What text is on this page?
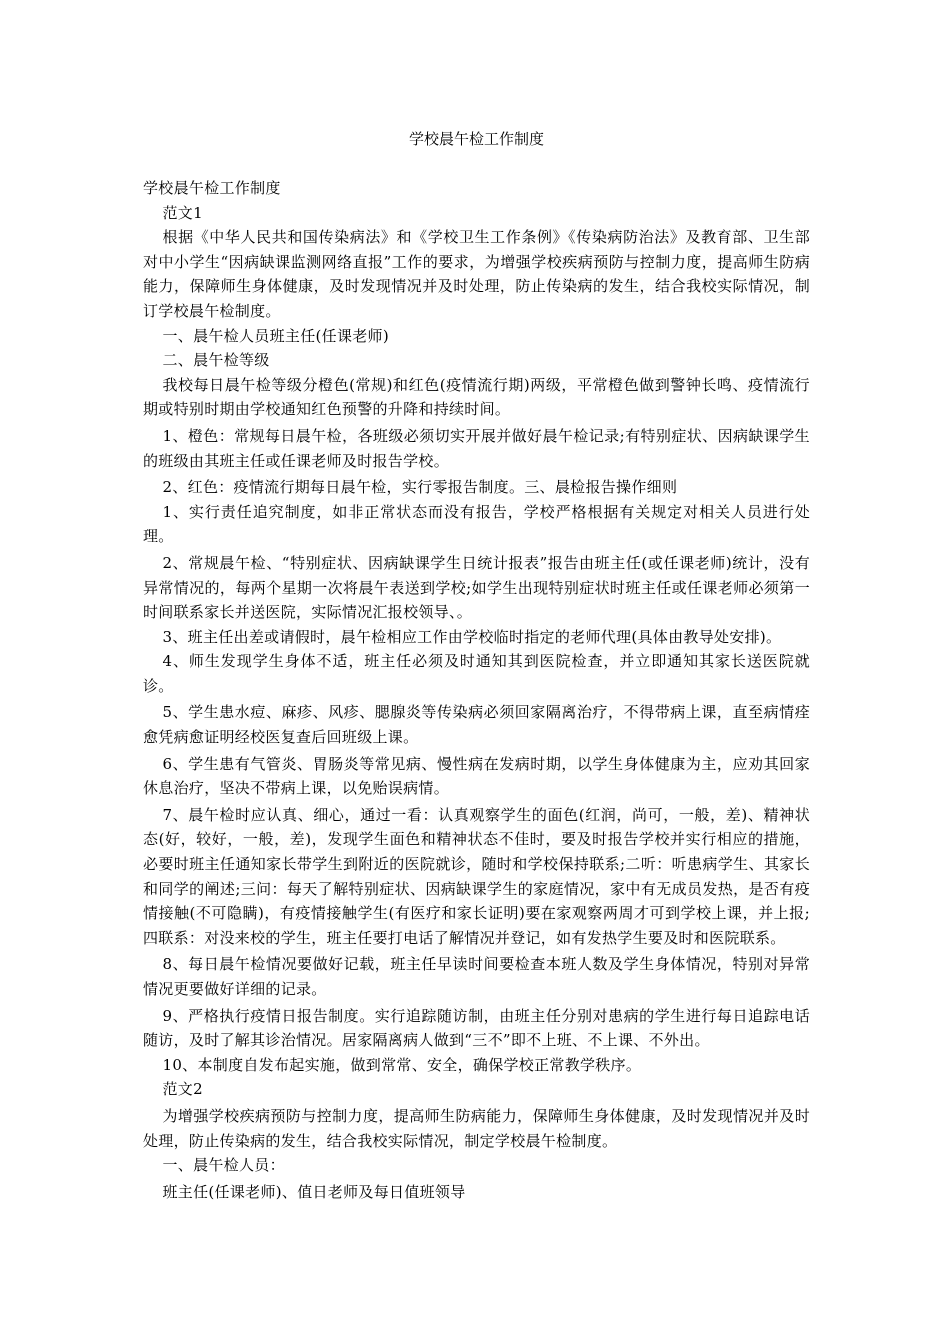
学校晨午检工作制度

学校晨午检工作制度

范文1

根据《中华人民共和国传染病法》和《学校卫生工作条例》《传染病防治法》及教育部、卫生部对中小学生“因病缺课监测网络直报”工作的要求，为增强学校疾病预防与控制力度，提高师生防病能力，保障师生身体健康，及时发现情况并及时处理，防止传染病的发生，结合我校实际情况，制订学校晨午检制度。

一、晨午检人员班主任(任课老师)

二、晨午检等级

我校每日晨午检等级分橙色(常规)和红色(疫情流行期)两级，平常橙色做到警钟长鸣、疫情流行期或特别时期由学校通知红色预警的升降和持续时间。

1、橙色：常规每日晨午检，各班级必须切实开展并做好晨午检记录;有特别症状、因病缺课学生的班级由其班主任或任课老师及时报告学校。

2、红色：疫情流行期每日晨午检，实行零报告制度。三、晨检报告操作细则

1、实行责任追究制度，如非正常状态而没有报告，学校严格根据有关规定对相关人员进行处理。

2、常规晨午检、“特别症状、因病缺课学生日统计报表”报告由班主任(或任课老师)统计，没有异常情况的，每两个星期一次将晨午表送到学校;如学生出现特别症状时班主任或任课老师必须第一时间联系家长并送医院，实际情况汇报校领导、。

3、班主任出差或请假时，晨午检相应工作由学校临时指定的老师代理(具体由教导处安排)。

4、师生发现学生身体不适，班主任必须及时通知其到医院检查，并立即通知其家长送医院就诊。

5、学生患水痘、麻疹、风疹、腮腺炎等传染病必须回家隔离治疗，不得带病上课，直至病情痊愈凭病愈证明经校医复查后回班级上课。

6、学生患有气管炎、胃肠炎等常见病、慢性病在发病时期，以学生身体健康为主，应劝其回家休息治疗，坚决不带病上课，以免贻误病情。

7、晨午检时应认真、细心，通过一看：认真观察学生的面色(红润，尚可，一般，差)、精神状态(好，较好，一般，差)，发现学生面色和精神状态不佳时，要及时报告学校并实行相应的措施，必要时班主任通知家长带学生到附近的医院就诊，随时和学校保持联系;二听：听患病学生、其家长和同学的阐述;三问：每天了解特别症状、因病缺课学生的家庭情况，家中有无成员发热，是否有疫情接触(不可隐瞒)，有疫情接触学生(有医疗和家长证明)要在家观察两周才可到学校上课，并上报;四联系：对没来校的学生，班主任要打电话了解情况并登记，如有发热学生要及时和医院联系。

8、每日晨午检情况要做好记载，班主任早读时间要检查本班人数及学生身体情况，特别对异常情况更要做好详细的记录。

9、严格执行疫情日报告制度。实行追踪随访制，由班主任分别对患病的学生进行每日追踪电话随访，及时了解其诊治情况。居家隔离病人做到“三不”即不上班、不上课、不外出。

10、本制度自发布起实施，做到常常、安全，确保学校正常教学秩序。

范文2

为增强学校疾病预防与控制力度，提高师生防病能力，保障师生身体健康，及时发现情况并及时处理，防止传染病的发生，结合我校实际情况，制定学校晨午检制度。

一、晨午检人员：

班主任(任课老师)、值日老师及每日值班领导
